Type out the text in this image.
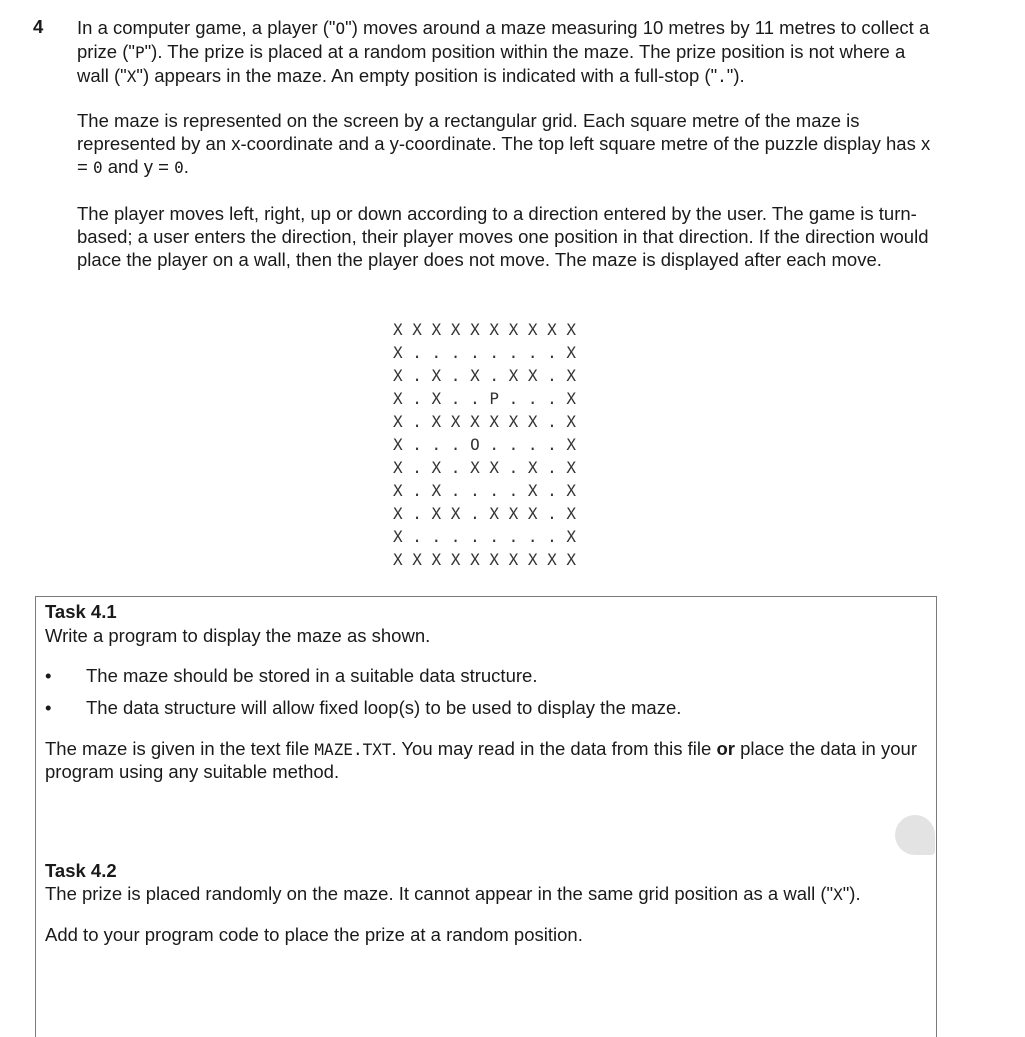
4 In a computer game, a player ("O") moves around a maze measuring 10 metres by 11 metres to collect a prize ("P"). The prize is placed at a random position within the maze. The prize position is not where a wall ("X") appears in the maze. An empty position is indicated with a full-stop (".").

The maze is represented on the screen by a rectangular grid. Each square metre of the maze is represented by an x-coordinate and a y-coordinate. The top left square metre of the puzzle display has x = 0 and y = 0.

The player moves left, right, up or down according to a direction entered by the user. The game is turn-based; a user enters the direction, their player moves one position in that direction. If the direction would place the player on a wall, then the player does not move. The maze is displayed after each move.

X X X X X X X X X X
X . . . . . . . . X
X . X . X . X X . X
X . X . . P . . . X
X . X X X X X X . X
X . . . O . . . . X
X . X . X X . X . X
X . X . . . . X . X
X . X X . X X X . X
X . . . . . . . . X
X X X X X X X X X X
Task 4.1

Write a program to display the maze as shown.

• The maze should be stored in a suitable data structure.
• The data structure will allow fixed loop(s) to be used to display the maze.

The maze is given in the text file MAZE.TXT. You may read in the data from this file or place the data in your program using any suitable method.

Task 4.2

The prize is placed randomly on the maze. It cannot appear in the same grid position as a wall ("X").

Add to your program code to place the prize at a random position.
